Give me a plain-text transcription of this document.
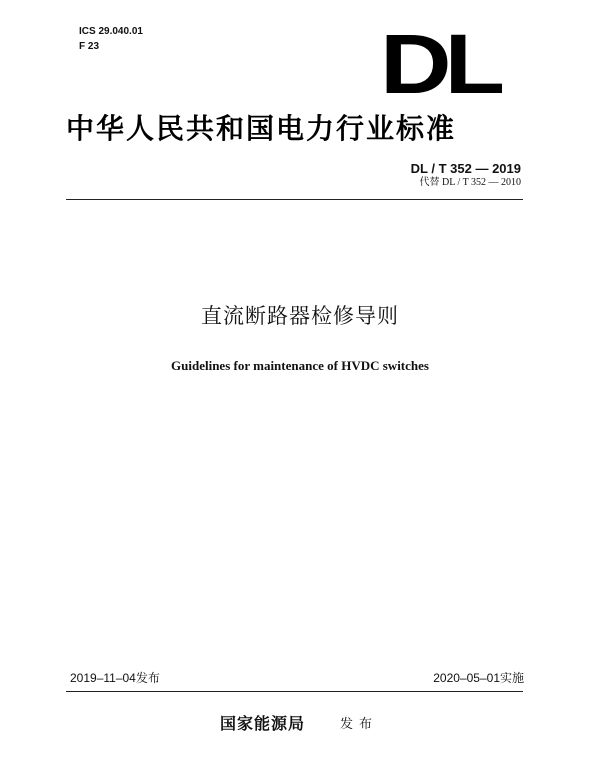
ICS 29.040.01
F 23	DL
中华人民共和国电力行业标准
DL / T 352 — 2019
代替 DL / T 352 — 2010
直流断路器检修导则
Guidelines for maintenance of HVDC switches
2019–11–04发布	2020–05–01实施
国家能源局	发布
